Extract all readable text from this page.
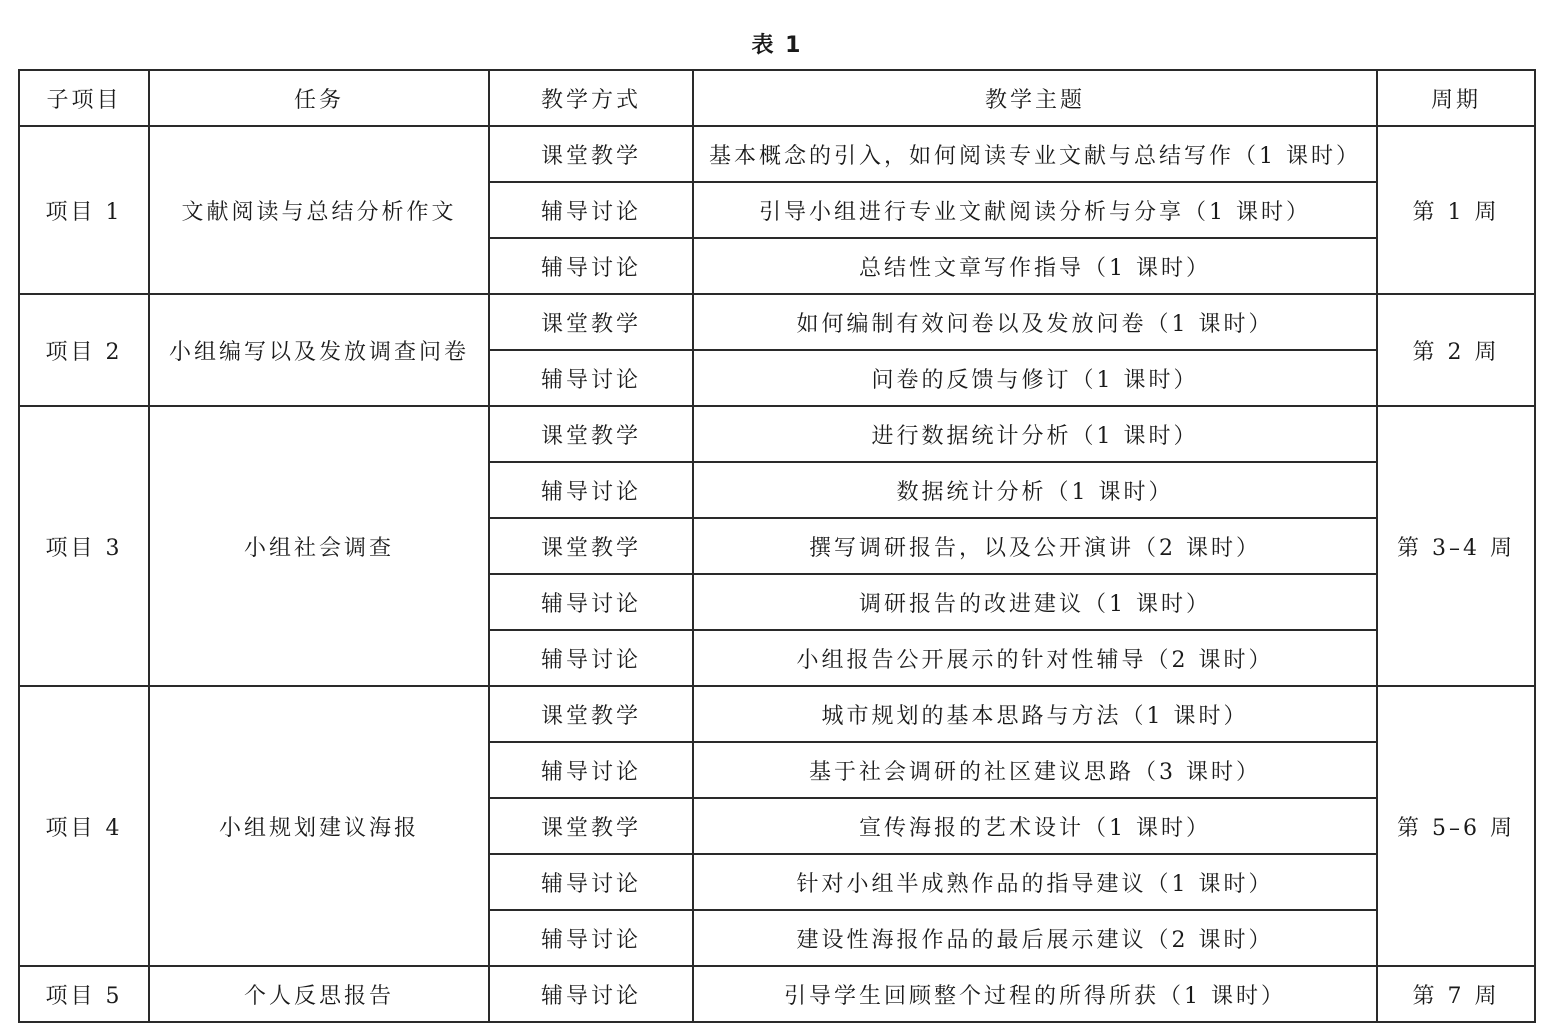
表 1
子项目	任务	教学方式	教学主题	周期
项目 1	文献阅读与总结分析作文	课堂教学	基本概念的引入，如何阅读专业文献与总结写作（1 课时）	第 1 周
		辅导讨论	引导小组进行专业文献阅读分析与分享（1 课时）	
		辅导讨论	总结性文章写作指导（1 课时）	
项目 2	小组编写以及发放调查问卷	课堂教学	如何编制有效问卷以及发放问卷（1 课时）	第 2 周
		辅导讨论	问卷的反馈与修订（1 课时）	
项目 3	小组社会调查	课堂教学	进行数据统计分析（1 课时）	第 3–4 周
		辅导讨论	数据统计分析（1 课时）	
		课堂教学	撰写调研报告，以及公开演讲（2 课时）	
		辅导讨论	调研报告的改进建议（1 课时）	
		辅导讨论	小组报告公开展示的针对性辅导（2 课时）	
项目 4	小组规划建议海报	课堂教学	城市规划的基本思路与方法（1 课时）	第 5–6 周
		辅导讨论	基于社会调研的社区建议思路（3 课时）	
		课堂教学	宣传海报的艺术设计（1 课时）	
		辅导讨论	针对小组半成熟作品的指导建议（1 课时）	
		辅导讨论	建设性海报作品的最后展示建议（2 课时）	
项目 5	个人反思报告	辅导讨论	引导学生回顾整个过程的所得所获（1 课时）	第 7 周
